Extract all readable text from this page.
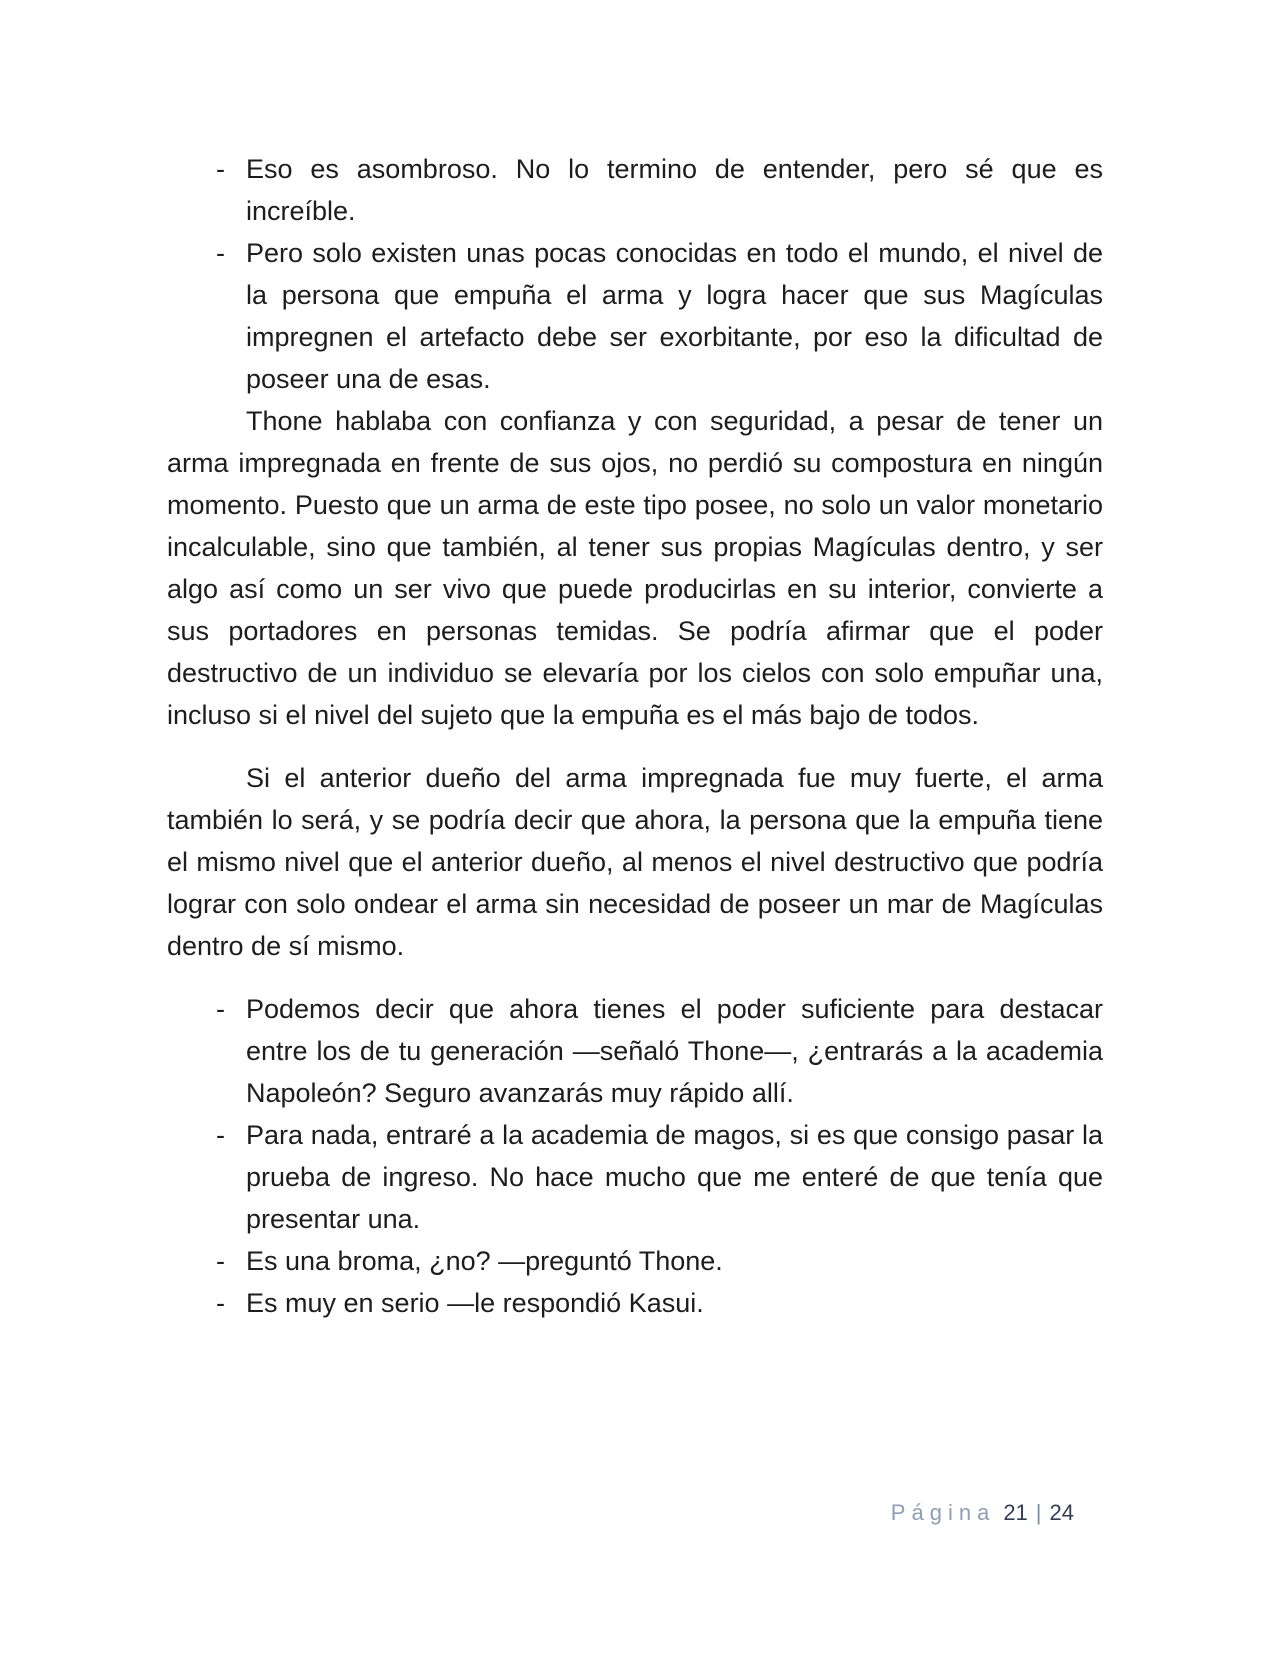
- Eso es asombroso. No lo termino de entender, pero sé que es increíble.
- Pero solo existen unas pocas conocidas en todo el mundo, el nivel de la persona que empuña el arma y logra hacer que sus Magículas impregnen el artefacto debe ser exorbitante, por eso la dificultad de poseer una de esas.

Thone hablaba con confianza y con seguridad, a pesar de tener un arma impregnada en frente de sus ojos, no perdió su compostura en ningún momento. Puesto que un arma de este tipo posee, no solo un valor monetario incalculable, sino que también, al tener sus propias Magículas dentro, y ser algo así como un ser vivo que puede producirlas en su interior, convierte a sus portadores en personas temidas. Se podría afirmar que el poder destructivo de un individuo se elevaría por los cielos con solo empuñar una, incluso si el nivel del sujeto que la empuña es el más bajo de todos.

Si el anterior dueño del arma impregnada fue muy fuerte, el arma también lo será, y se podría decir que ahora, la persona que la empuña tiene el mismo nivel que el anterior dueño, al menos el nivel destructivo que podría lograr con solo ondear el arma sin necesidad de poseer un mar de Magículas dentro de sí mismo.

- Podemos decir que ahora tienes el poder suficiente para destacar entre los de tu generación —señaló Thone—, ¿entrarás a la academia Napoleón? Seguro avanzarás muy rápido allí.
- Para nada, entraré a la academia de magos, si es que consigo pasar la prueba de ingreso. No hace mucho que me enteré de que tenía que presentar una.
- Es una broma, ¿no? —preguntó Thone.
- Es muy en serio —le respondió Kasui.
Página 21 | 24
